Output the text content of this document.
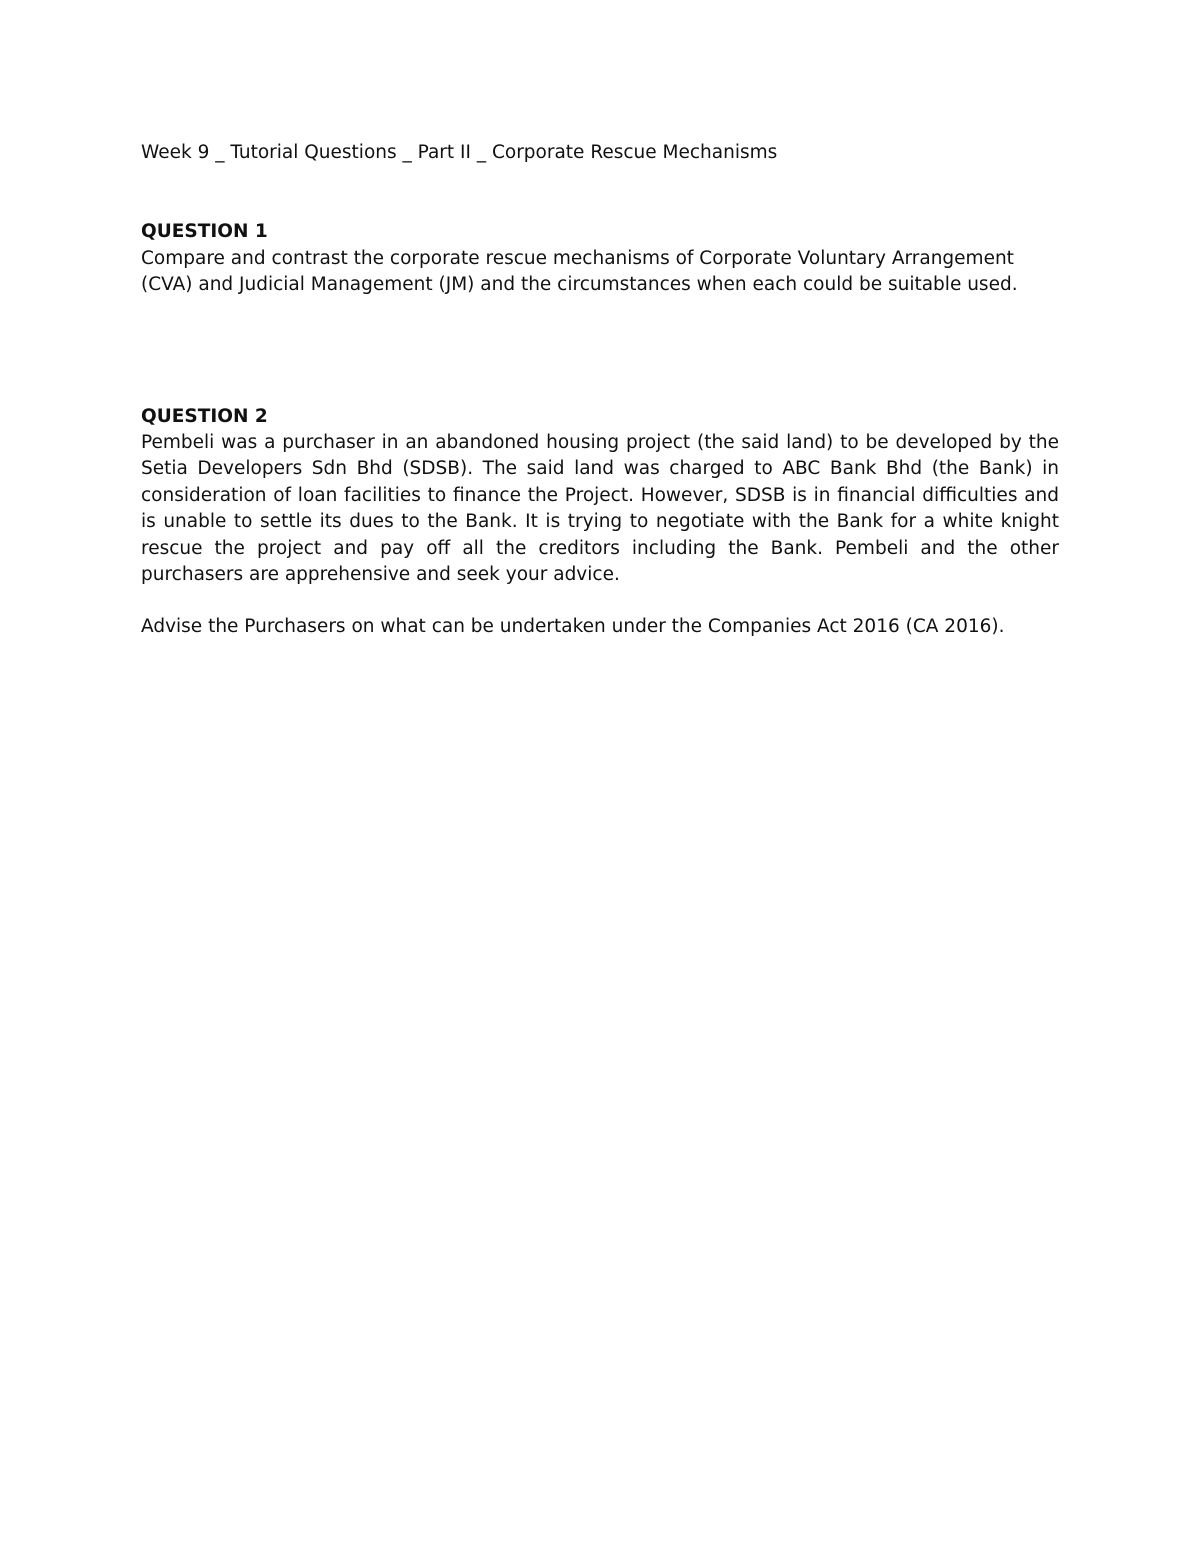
Week 9 _ Tutorial Questions _ Part II _ Corporate Rescue Mechanisms

QUESTION 1

Compare and contrast the corporate rescue mechanisms of Corporate Voluntary Arrangement (CVA) and Judicial Management (JM) and the circumstances when each could be suitable used.

QUESTION 2

Pembeli was a purchaser in an abandoned housing project (the said land) to be developed by the Setia Developers Sdn Bhd (SDSB). The said land was charged to ABC Bank Bhd (the Bank) in consideration of loan facilities to finance the Project. However, SDSB is in financial difficulties and is unable to settle its dues to the Bank. It is trying to negotiate with the Bank for a white knight rescue the project and pay off all the creditors including the Bank. Pembeli and the other purchasers are apprehensive and seek your advice.

Advise the Purchasers on what can be undertaken under the Companies Act 2016 (CA 2016).
